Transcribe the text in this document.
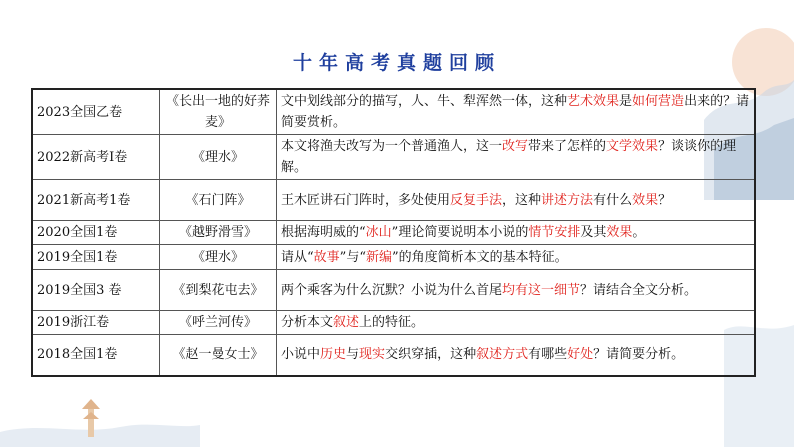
十年高考真题回顾
2023全国乙卷	《长出一地的好荞麦》	文中划线部分的描写，人、牛、犁浑然一体，这种艺术效果是如何营造出来的？请简要赏析。
2022新高考Ⅰ卷	《理水》	本文将渔夫改写为一个普通渔人，这一改写带来了怎样的文学效果？谈谈你的理解。
2021新高考1卷	《石门阵》	王木匠讲石门阵时，多处使用反复手法，这种讲述方法有什么效果？
2020全国1卷	《越野滑雪》	根据海明威的“冰山”理论简要说明本小说的情节安排及其效果。
2019全国1卷	《理水》	请从“故事”与“新编”的角度简析本文的基本特征。
2019全国3 卷	《到梨花屯去》	两个乘客为什么沉默？小说为什么首尾均有这一细节？请结合全文分析。
2019浙江卷	《呼兰河传》	分析本文叙述上的特征。
2018全国1卷	《赵一曼女士》	小说中历史与现实交织穿插，这种叙述方式有哪些好处？请简要分析。
